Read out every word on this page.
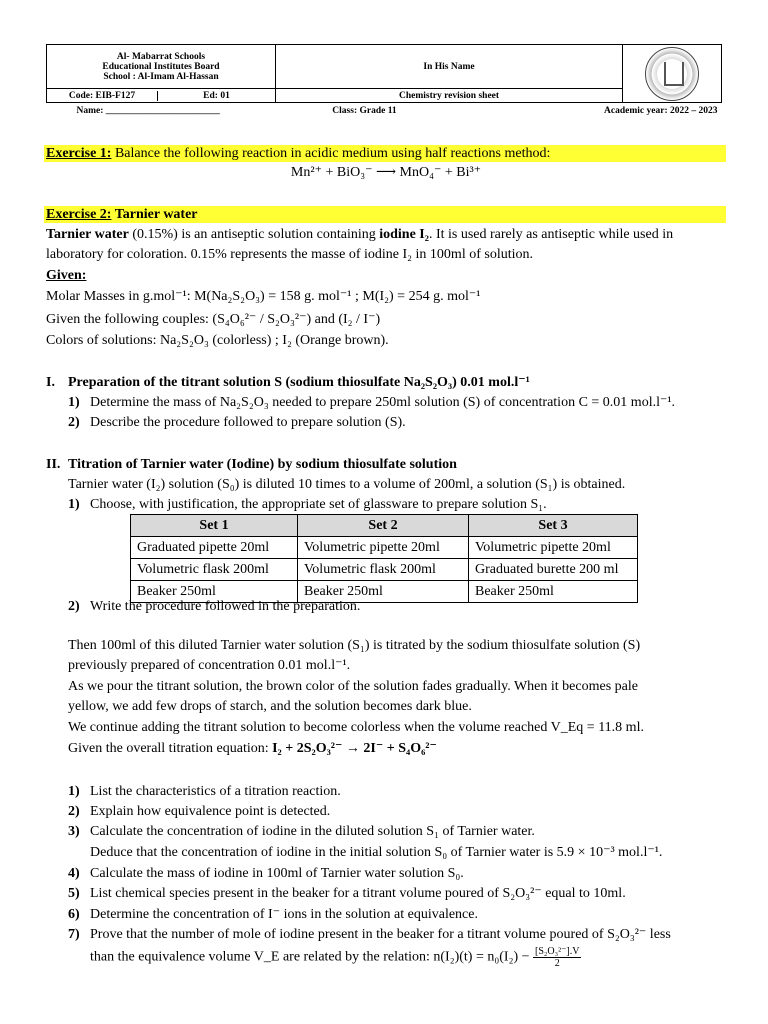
Al- Mabarrat Schools
Educational Institutes Board
School : Al-Imam Al-Hassan	In His Name		

Code: EIB-F127 Ed: 01	Chemistry revision sheet		
Name: ________________________	Class: Grade 11	Academic year: 2022 – 2023	
Exercise 1: Balance the following reaction in acidic medium using half reactions method:
Mn²⁺ + BiO₃⁻ ⟶ MnO₄⁻ + Bi³⁺
Exercise 2: Tarnier water
Tarnier water (0.15%) is an antiseptic solution containing iodine I₂. It is used rarely as antiseptic while used in
laboratory for coloration. 0.15% represents the masse of iodine I₂ in 100ml of solution.
Given:
Molar Masses in g.mol⁻¹: M(Na₂S₂O₃) = 158 g. mol⁻¹ ; M(I₂) = 254 g. mol⁻¹
Given the following couples: (S₄O₆²⁻ / S₂O₃²⁻) and (I₂ / I⁻)
Colors of solutions: Na₂S₂O₃ (colorless) ; I₂ (Orange brown).
I. Preparation of the titrant solution S (sodium thiosulfate Na₂S₂O₃) 0.01 mol.l⁻¹
1) Determine the mass of Na₂S₂O₃ needed to prepare 250ml solution (S) of concentration C = 0.01 mol.l⁻¹.
2) Describe the procedure followed to prepare solution (S).
II. Titration of Tarnier water (Iodine) by sodium thiosulfate solution
Tarnier water (I₂) solution (S₀) is diluted 10 times to a volume of 200ml, a solution (S₁) is obtained.
1) Choose, with justification, the appropriate set of glassware to prepare solution S₁.
Set 1	Set 2	Set 3
Graduated pipette 20ml	Volumetric pipette 20ml	Volumetric pipette 20ml
Volumetric flask 200ml	Volumetric flask 200ml	Graduated burette 200 ml
Beaker 250ml	Beaker 250ml	Beaker 250ml
2) Write the procedure followed in the preparation.
Then 100ml of this diluted Tarnier water solution (S₁) is titrated by the sodium thiosulfate solution (S)
previously prepared of concentration 0.01 mol.l⁻¹.
As we pour the titrant solution, the brown color of the solution fades gradually. When it becomes pale
yellow, we add few drops of starch, and the solution becomes dark blue.
We continue adding the titrant solution to become colorless when the volume reached V_Eq = 11.8 ml.
Given the overall titration equation: I₂ + 2S₂O₃²⁻ → 2I⁻ + S₄O₆²⁻
1) List the characteristics of a titration reaction.
2) Explain how equivalence point is detected.
3) Calculate the concentration of iodine in the diluted solution S₁ of Tarnier water.
Deduce that the concentration of iodine in the initial solution S₀ of Tarnier water is 5.9 × 10⁻³ mol.l⁻¹.
4) Calculate the mass of iodine in 100ml of Tarnier water solution S₀.
5) List chemical species present in the beaker for a titrant volume poured of S₂O₃²⁻ equal to 10ml.
6) Determine the concentration of I⁻ ions in the solution at equivalence.
7) Prove that the number of mole of iodine present in the beaker for a titrant volume poured of S₂O₃²⁻ less
than the equivalence volume V_E are related by the relation: $n(I_2)(t) = n_0(I_2) - \frac{\text{[S₂O₃²⁻].V}}{2}$
